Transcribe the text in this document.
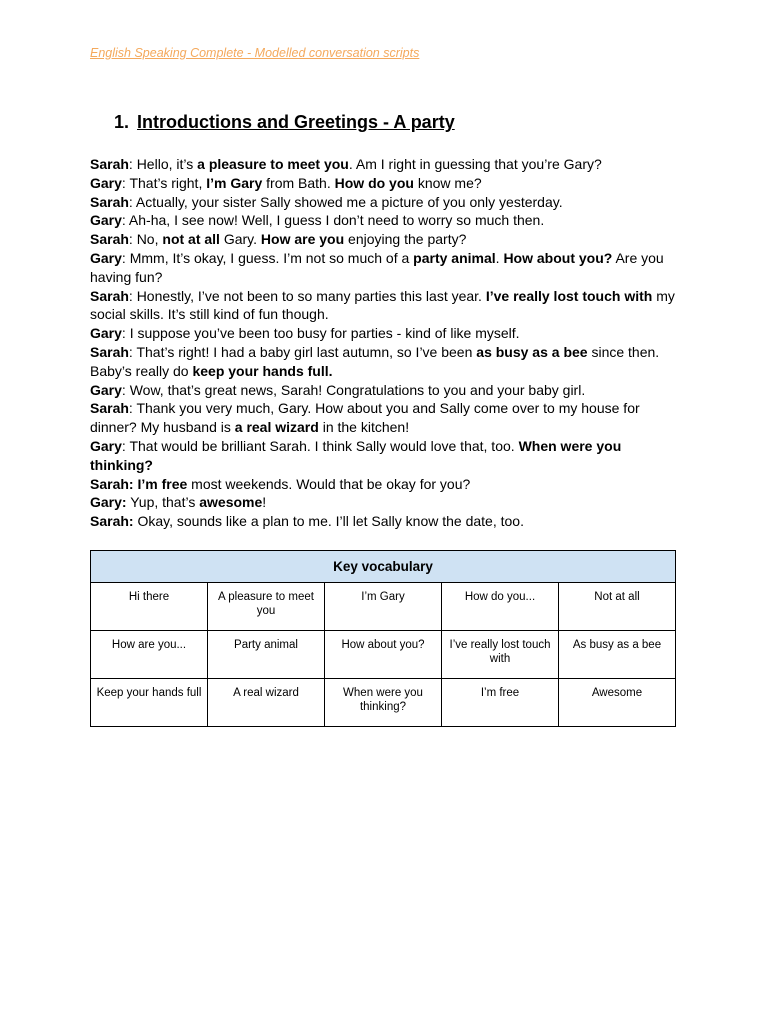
English Speaking Complete - Modelled conversation scripts
1. Introductions and Greetings - A party

Sarah: Hello, it’s a pleasure to meet you. Am I right in guessing that you’re Gary?

Gary: That’s right, I’m Gary from Bath. How do you know me?

Sarah: Actually, your sister Sally showed me a picture of you only yesterday.

Gary: Ah-ha, I see now! Well, I guess I don’t need to worry so much then.

Sarah: No, not at all Gary. How are you enjoying the party?

Gary: Mmm, It’s okay, I guess. I’m not so much of a party animal. How about you? Are you having fun?

Sarah: Honestly, I’ve not been to so many parties this last year. I’ve really lost touch with my social skills. It’s still kind of fun though.

Gary: I suppose you’ve been too busy for parties - kind of like myself.

Sarah: That’s right! I had a baby girl last autumn, so I’ve been as busy as a bee since then. Baby’s really do keep your hands full.

Gary: Wow, that’s great news, Sarah! Congratulations to you and your baby girl.

Sarah: Thank you very much, Gary. How about you and Sally come over to my house for dinner? My husband is a real wizard in the kitchen!

Gary: That would be brilliant Sarah. I think Sally would love that, too. When were you thinking?

Sarah: I’m free most weekends. Would that be okay for you?

Gary: Yup, that’s awesome!

Sarah: Okay, sounds like a plan to me. I’ll let Sally know the date, too.

Key vocabulary				
Hi there	A pleasure to meet you	I’m Gary	How do you...	Not at all
How are you...	Party animal	How about you?	I’ve really lost touch with	As busy as a bee
Keep your hands full	A real wizard	When were you thinking?	I’m free	Awesome
